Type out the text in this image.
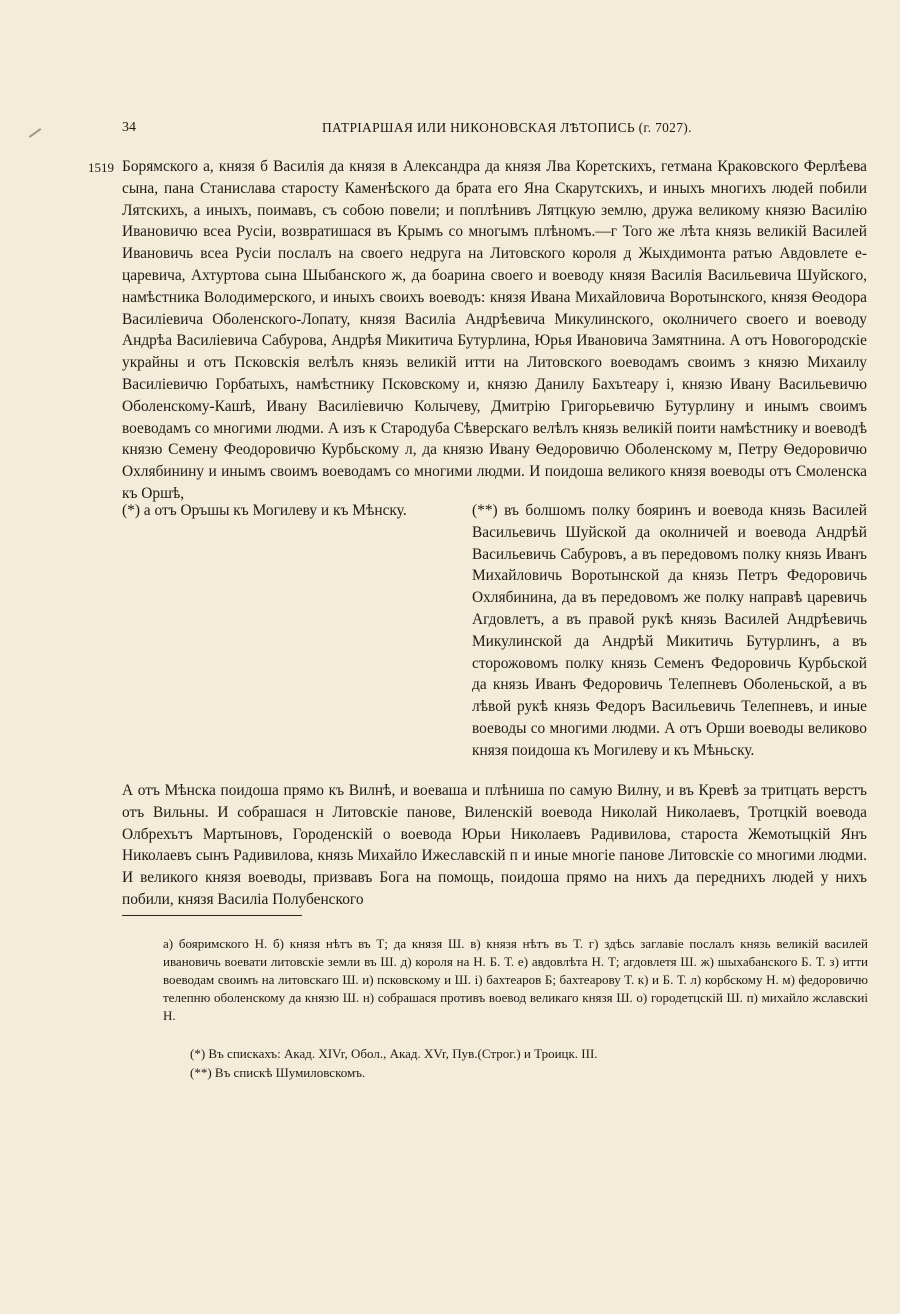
34	ПАТРІАРШАЯ ИЛИ НИКОНОВСКАЯ ЛѢТОПИСЬ (г. 7027).
1519 Борямского а, князя б Василія да князя в Александра да князя Лва Коретскихъ, гетмана Краковского Ферлѣева сына, пана Станислава старосту Каменѣского да брата его Яна Скарутскихъ, и иныхъ многихъ людей побили Лятскихъ, а иныхъ, поимавъ, съ собою повели; и поплѣнивъ Лятцкую землю, дружа великому князю Василію Ивановичю всеа Русіи, возвратишася въ Крымъ со многымъ плѣномъ.—г Того же лѣта князь великій Василей Ивановичь всеа Русіи послалъ на своего недруга на Литовского короля д Жыхдимонта ратью Авдовлете е-царевича, Ахтуртова сына Шыбанского ж, да боарина своего и воеводу князя Василія Васильевича Шуйского, намѣстника Володимерского, и иныхъ своихъ воеводъ: князя Ивана Михайловича Воротынского, князя Ѳеодора Василіевича Оболенского-Лопату, князя Василіа Андрѣевича Микулинского, околничего своего и воеводу Андрѣа Василіевича Сабурова, Андрѣя Микитича Бутурлина, Юрья Ивановича Замятнина. А отъ Новогородскіе украйны и отъ Псковскія велѣлъ князь великій итти на Литовского воеводамъ своимъ з князю Михаилу Василіевичю Горбатыхъ, намѣстнику Псковскому и, князю Данилу Бахътеару і, князю Ивану Васильевичю Оболенскому-Кашѣ, Ивану Василіевичю Колычеву, Дмитрію Григорьевичю Бутурлину и инымъ своимъ воеводамъ со многими людми. А изъ к Стародуба Сѣверскаго велѣлъ князь великій поити намѣстнику и воеводѣ князю Семену Феодоровичю Курбьскому л, да князю Ивану Ѳедоровичю Оболенскому м, Петру Ѳедоровичю Охлябинину и инымъ своимъ воеводамъ со многими людми. И поидоша великого князя воеводы отъ Смоленска къ Оршѣ,

(*) а отъ Оръшы къ Могилеву и къ Мѣнску.	(**) въ болшомъ полку бояринъ и воевода князь Василей Васильевичь Шуйской да околничей и воевода Андрѣй Васильевичь Сабуровъ, а въ передовомъ полку князь Иванъ Михайловичь Воротынской да князь Петръ Федоровичь Охлябинина, да въ передовомъ же полку направѣ царевичь Агдовлетъ, а въ правой рукѣ князь Василей Андрѣевичь Микулинской да Андрѣй Микитичь Бутурлинъ, а въ сторожовомъ полку князь Семенъ Федоровичь Курбьской да князь Иванъ Федоровичь Телепневъ Оболеньской, а въ лѣвой рукѣ князь Федоръ Васильевичь Телепневъ, и иные воеводы со многими людми. А отъ Орши воеводы великово князя поидоша къ Могилеву и къ Мѣньску.

А отъ Мѣнска поидоша прямо къ Вилнѣ, и воеваша и плѣниша по самую Вилну, и въ Кревѣ за тритцать верстъ отъ Вильны. И собрашася н Литовскіе панове, Виленскій воевода Николай Николаевъ, Тротцкій воевода Олбрехътъ Мартыновъ, Городенскій о воевода Юрьи Николаевъ Радивилова, староста Жемотыцкій Янъ Николаевъ сынъ Радивилова, князь Михайло Ижеславскій п и иные многіе панове Литовскіе со многими людми. И великого князя воеводы, призвавъ Бога на помощь, поидоша прямо на нихъ да передниxъ людей у нихъ побили, князя Василіа Полубенского

а) бояримского Н. б) князя нѣтъ въ Т; да князя Ш. в) князя нѣтъ въ Т. г) здѣсь заглавіе послалъ князь великій василей ивановичь воевати литовскіе земли въ Ш. д) короля на Н. Б. Т. е) авдовлѣта Н. Т; агдовлетя Ш. ж) шыхабанского Б. Т. з) итти воеводам своимъ на литовскаго Ш. и) псковскому и Ш. і) бахтеаров Б; бахтеарову Т. к) и Б. Т. л) корбскому Н. м) федоровичю телепню оболенскому да князю Ш. н) собрашася противъ воевод великаго князя Ш. о) городетцскій Ш. п) михайло жславскиі Н.

(*) Въ спискахъ: Акад. XIVr, Обол., Акад. XVr, Пув.(Строг.) и Троицк. III.
(**) Въ спискѣ Шумиловскомъ.
